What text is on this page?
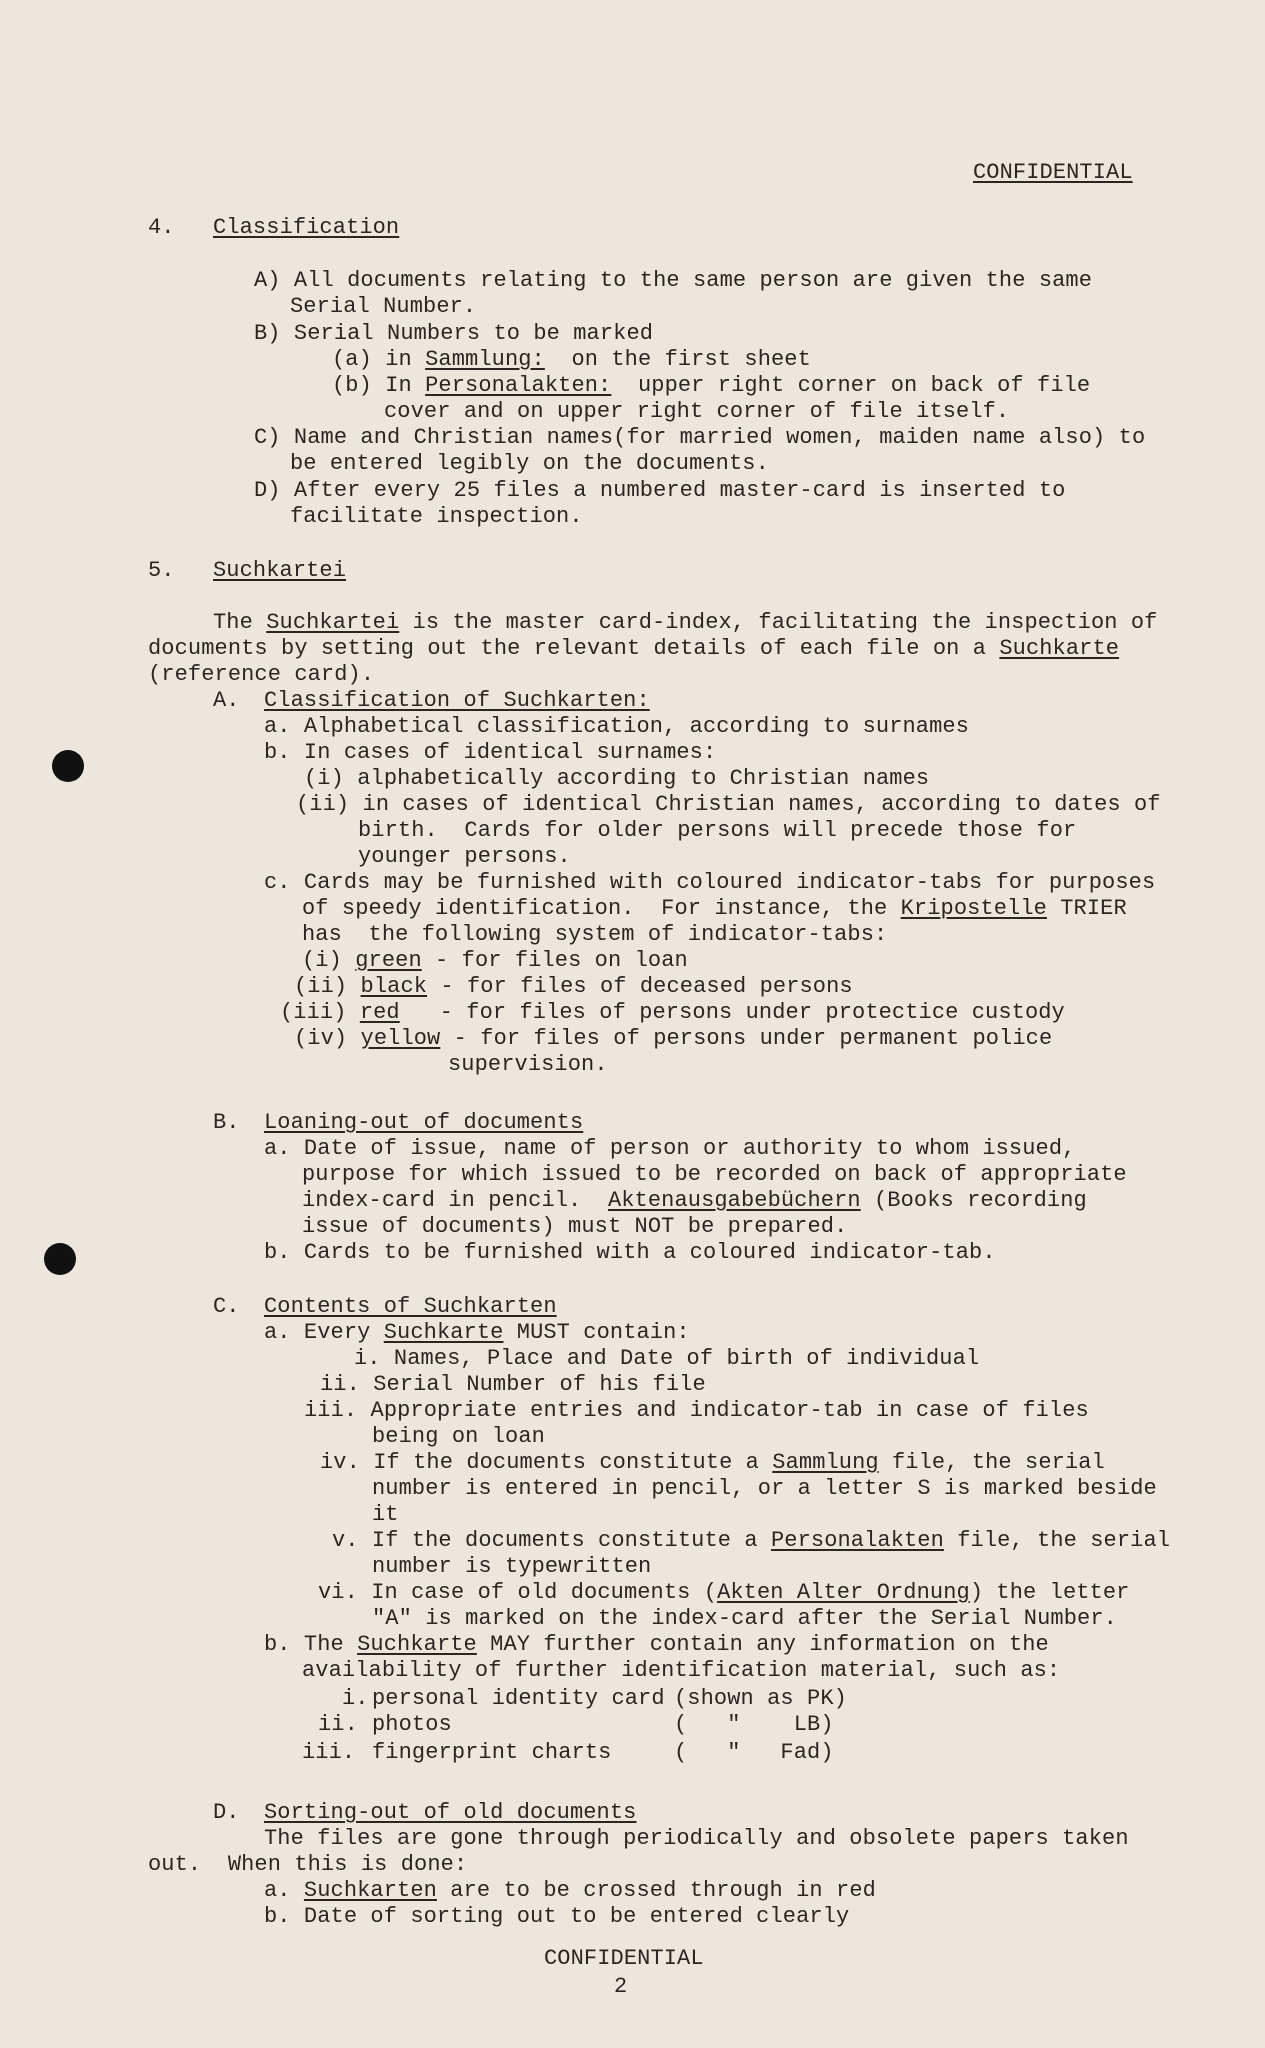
CONFIDENTIAL
4. Classification
A) All documents relating to the same person are given the same
Serial Number.
B) Serial Numbers to be marked
(a) in Sammlung:  on the first sheet
(b) In Personalakten:  upper right corner on back of file
cover and on upper right corner of file itself.
C) Name and Christian names(for married women, maiden name also) to
be entered legibly on the documents.
D) After every 25 files a numbered master-card is inserted to
facilitate inspection.
5. Suchkartei
The Suchkartei is the master card-index, facilitating the inspection of
documents by setting out the relevant details of each file on a Suchkarte
(reference card).
A. Classification of Suchkarten:
a. Alphabetical classification, according to surnames
b. In cases of identical surnames:
(i) alphabetically according to Christian names
(ii) in cases of identical Christian names, according to dates of
birth.  Cards for older persons will precede those for
younger persons.
c. Cards may be furnished with coloured indicator-tabs for purposes
of speedy identification.  For instance, the Kripostelle TRIER
has  the following system of indicator-tabs:
(i) green - for files on loan
(ii) black - for files of deceased persons
(iii) red   - for files of persons under protectice custody
(iv) yellow - for files of persons under permanent police
supervision.
B. Loaning-out of documents
a. Date of issue, name of person or authority to whom issued,
purpose for which issued to be recorded on back of appropriate
index-card in pencil.  Aktenausgabebüchern (Books recording
issue of documents) must NOT be prepared.
b. Cards to be furnished with a coloured indicator-tab.
C. Contents of Suchkarten
a. Every Suchkarte MUST contain:
i. Names, Place and Date of birth of individual
ii. Serial Number of his file
iii. Appropriate entries and indicator-tab in case of files
being on loan
iv. If the documents constitute a Sammlung file, the serial
number is entered in pencil, or a letter S is marked beside
it
v. If the documents constitute a Personalakten file, the serial
number is typewritten
vi. In case of old documents (Akten Alter Ordnung) the letter
"A" is marked on the index-card after the Serial Number.
b. The Suchkarte MAY further contain any information on the
availability of further identification material, such as:
i. personal identity card (shown as PK)
ii. photos	(   "    LB)
iii. fingerprint charts	(   "   Fad)
D. Sorting-out of old documents
The files are gone through periodically and obsolete papers taken
out.  When this is done:
a. Suchkarten are to be crossed through in red
b. Date of sorting out to be entered clearly
CONFIDENTIAL
2
